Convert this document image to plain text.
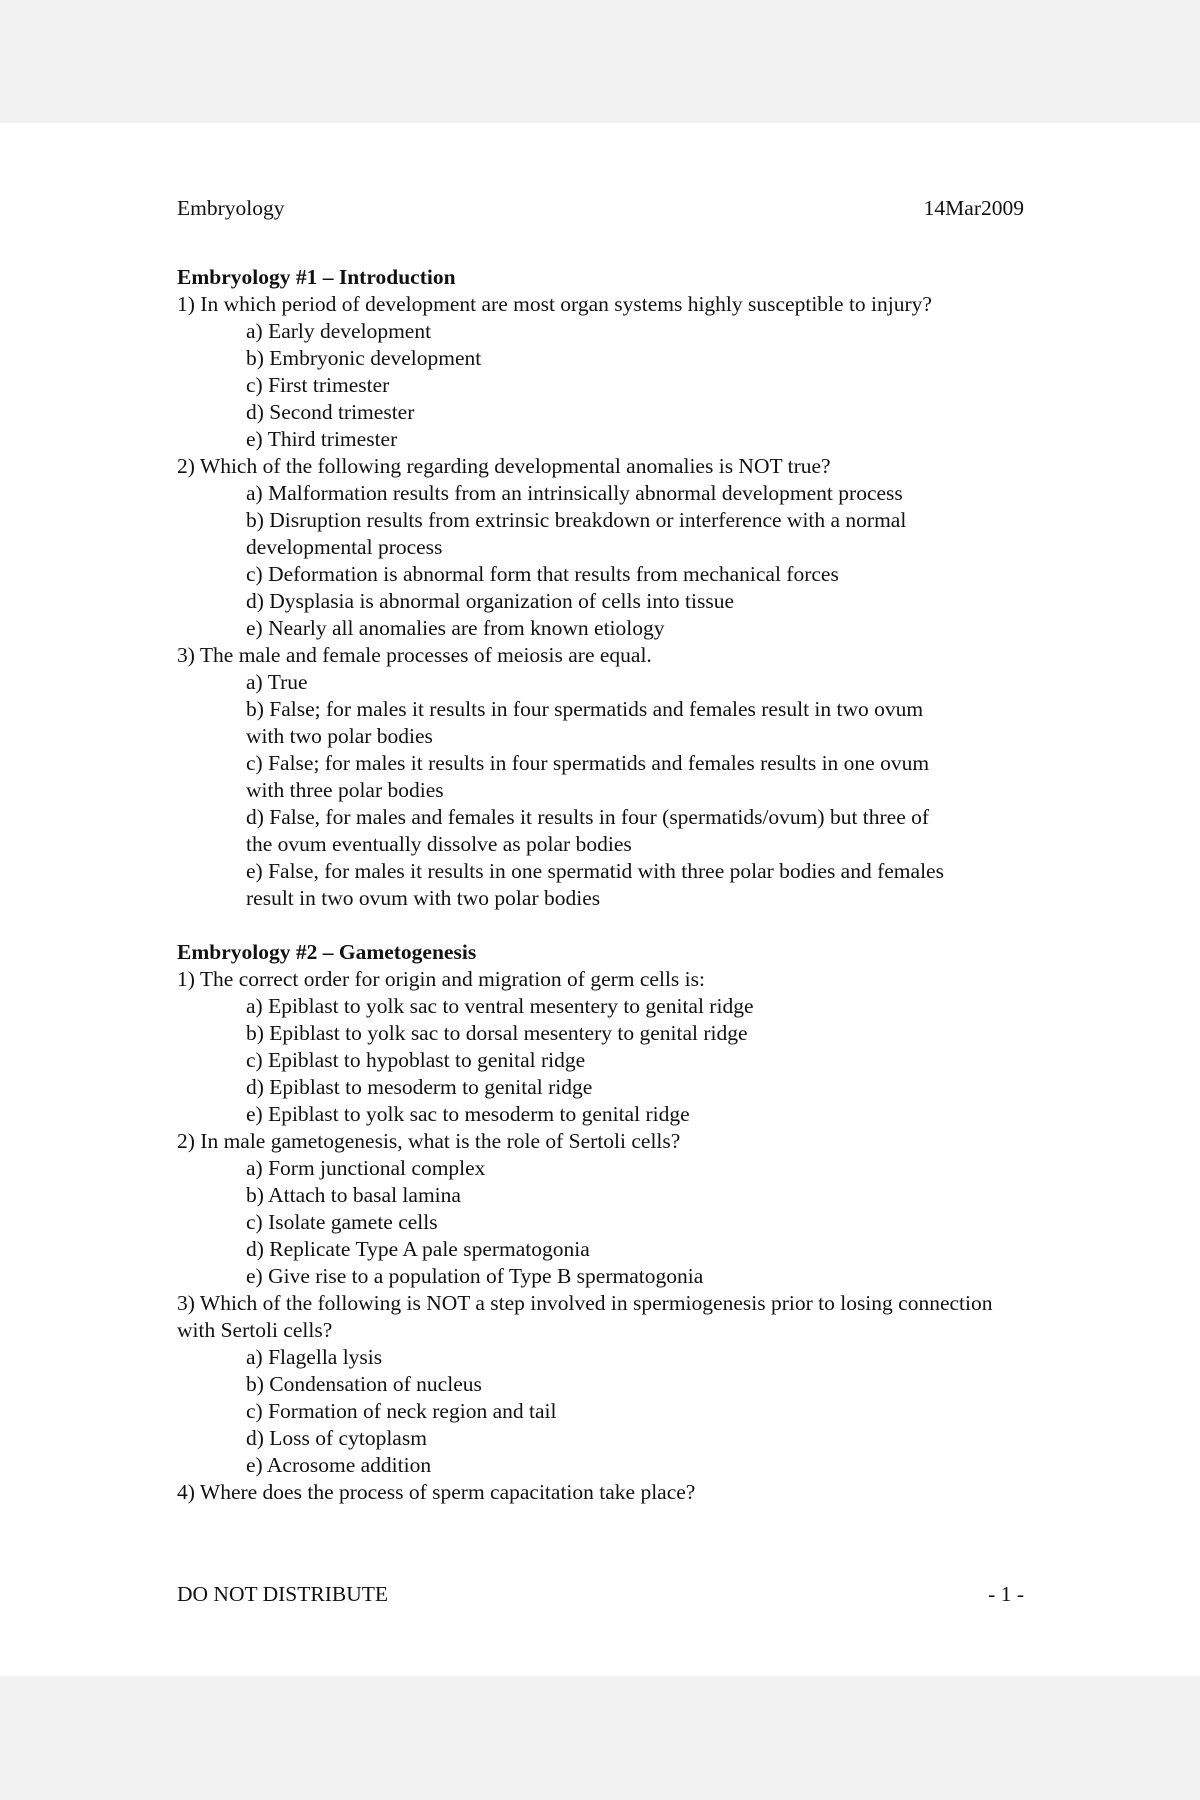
Embryology	14Mar2009

Embryology #1 – Introduction

1) In which period of development are most organ systems highly susceptible to injury?

a) Early development

b) Embryonic development

c) First trimester

d) Second trimester

e) Third trimester

2) Which of the following regarding developmental anomalies is NOT true?

a) Malformation results from an intrinsically abnormal development process

b) Disruption results from extrinsic breakdown or interference with a normal
developmental process

c) Deformation is abnormal form that results from mechanical forces

d) Dysplasia is abnormal organization of cells into tissue

e) Nearly all anomalies are from known etiology

3) The male and female processes of meiosis are equal.

a) True

b) False; for males it results in four spermatids and females result in two ovum
with two polar bodies
c) False; for males it results in four spermatids and females results in one ovum
with three polar bodies
d) False, for males and females it results in four (spermatids/ovum) but three of
the ovum eventually dissolve as polar bodies
e) False, for males it results in one spermatid with three polar bodies and females
result in two ovum with two polar bodies

Embryology #2 – Gametogenesis

1) The correct order for origin and migration of germ cells is:

a) Epiblast to yolk sac to ventral mesentery to genital ridge

b) Epiblast to yolk sac to dorsal mesentery to genital ridge

c) Epiblast to hypoblast to genital ridge

d) Epiblast to mesoderm to genital ridge

e) Epiblast to yolk sac to mesoderm to genital ridge

2) In male gametogenesis, what is the role of Sertoli cells?

a) Form junctional complex

b) Attach to basal lamina

c) Isolate gamete cells

d) Replicate Type A pale spermatogonia

e) Give rise to a population of Type B spermatogonia

3) Which of the following is NOT a step involved in spermiogenesis prior to losing connection with Sertoli cells?

a) Flagella lysis

b) Condensation of nucleus

c) Formation of neck region and tail

d) Loss of cytoplasm

e) Acrosome addition

4) Where does the process of sperm capacitation take place?

DO NOT DISTRIBUTE	- 1 -
